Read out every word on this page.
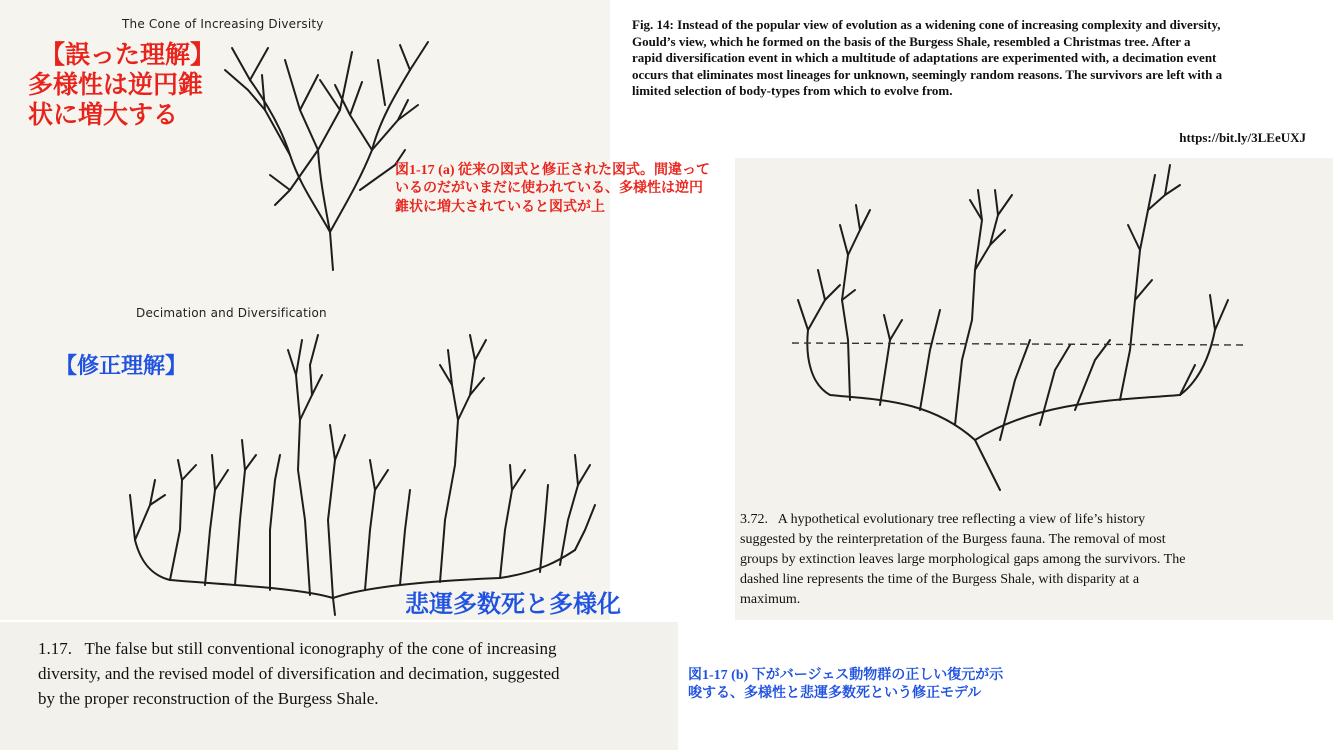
The Cone of Increasing Diversity
【誤った理解】
多様性は逆円錐
状に増大する
図1-17 (a) 従来の図式と修正された図式。間違って
いるのだがいまだに使われている、多様性は逆円
錐状に増大されていると図式が上
Decimation and Diversification
【修正理解】
悲運多数死と多様化
1.17.   The false but still conventional iconography of the cone of increasing
diversity, and the revised model of diversification and decimation, suggested
by the proper reconstruction of the Burgess Shale.
図1-17 (b) 下がバージェス動物群の正しい復元が示
唆する、多様性と悲運多数死という修正モデル
Fig. 14: Instead of the popular view of evolution as a widening cone of increasing complexity and diversity,
Gould’s view, which he formed on the basis of the Burgess Shale, resembled a Christmas tree. After a
rapid diversification event in which a multitude of adaptations are experimented with, a decimation event
occurs that eliminates most lineages for unknown, seemingly random reasons. The survivors are left with a
limited selection of body-types from which to evolve from.
https://bit.ly/3LEeUXJ
3.72.   A hypothetical evolutionary tree reflecting a view of life’s history
suggested by the reinterpretation of the Burgess fauna. The removal of most
groups by extinction leaves large morphological gaps among the survivors. The
dashed line represents the time of the Burgess Shale, with disparity at a
maximum.
